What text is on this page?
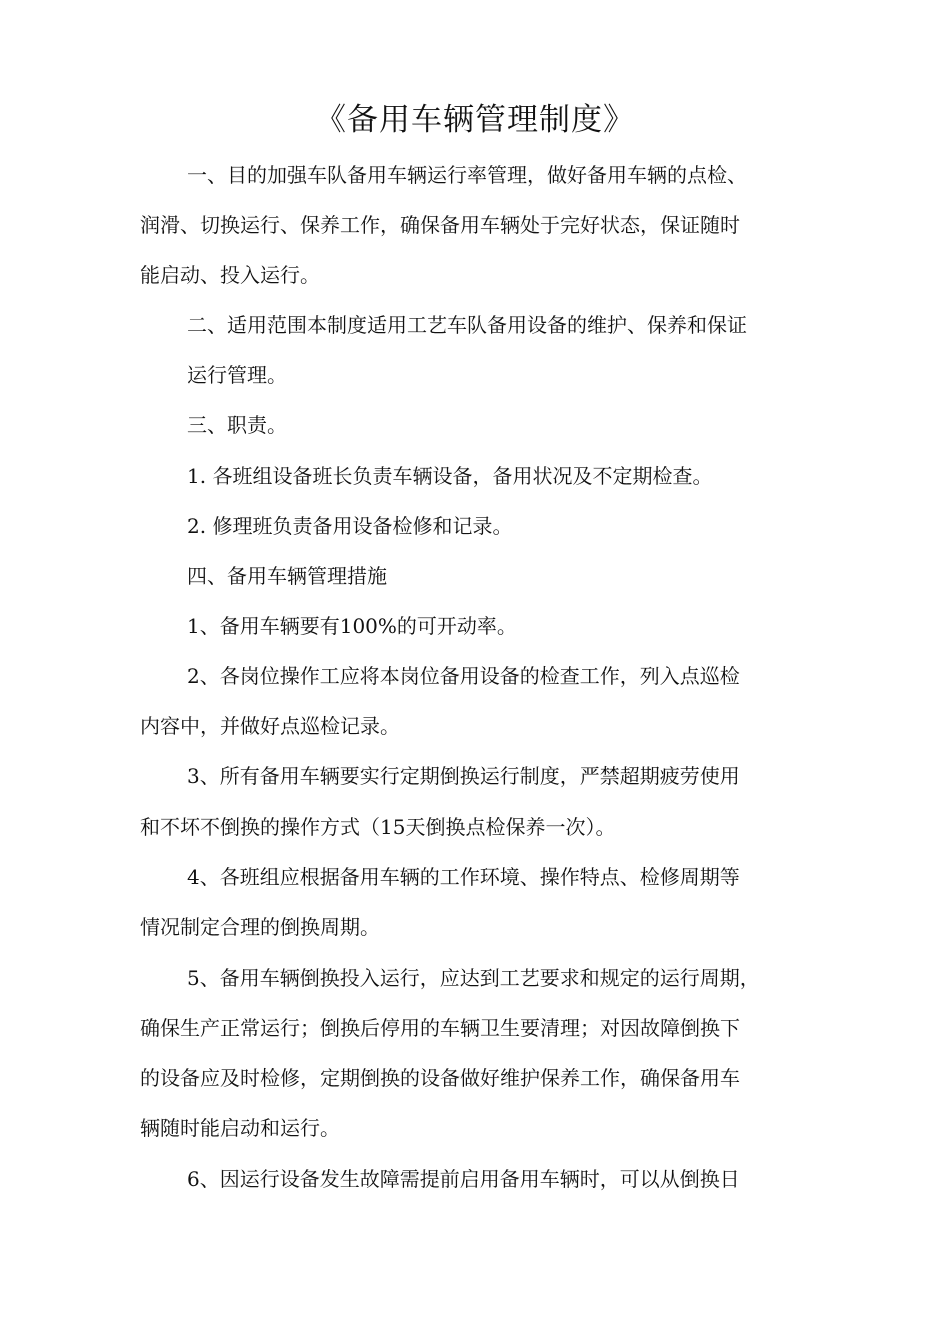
《备用车辆管理制度》
一、目的加强车队备用车辆运行率管理，做好备用车辆的点检、
润滑、切换运行、保养工作，确保备用车辆处于完好状态，保证随时
能启动、投入运行。
二、适用范围本制度适用工艺车队备用设备的维护、保养和保证
运行管理。
三、职责。
1. 各班组设备班长负责车辆设备，备用状况及不定期检查。
2. 修理班负责备用设备检修和记录。
四、备用车辆管理措施
1、备用车辆要有100%的可开动率。
2、各岗位操作工应将本岗位备用设备的检查工作，列入点巡检
内容中，并做好点巡检记录。
3、所有备用车辆要实行定期倒换运行制度，严禁超期疲劳使用
和不坏不倒换的操作方式（15天倒换点检保养一次）。
4、各班组应根据备用车辆的工作环境、操作特点、检修周期等
情况制定合理的倒换周期。
5、备用车辆倒换投入运行，应达到工艺要求和规定的运行周期，
确保生产正常运行；倒换后停用的车辆卫生要清理；对因故障倒换下
的设备应及时检修，定期倒换的设备做好维护保养工作，确保备用车
辆随时能启动和运行。
6、因运行设备发生故障需提前启用备用车辆时，可以从倒换日
